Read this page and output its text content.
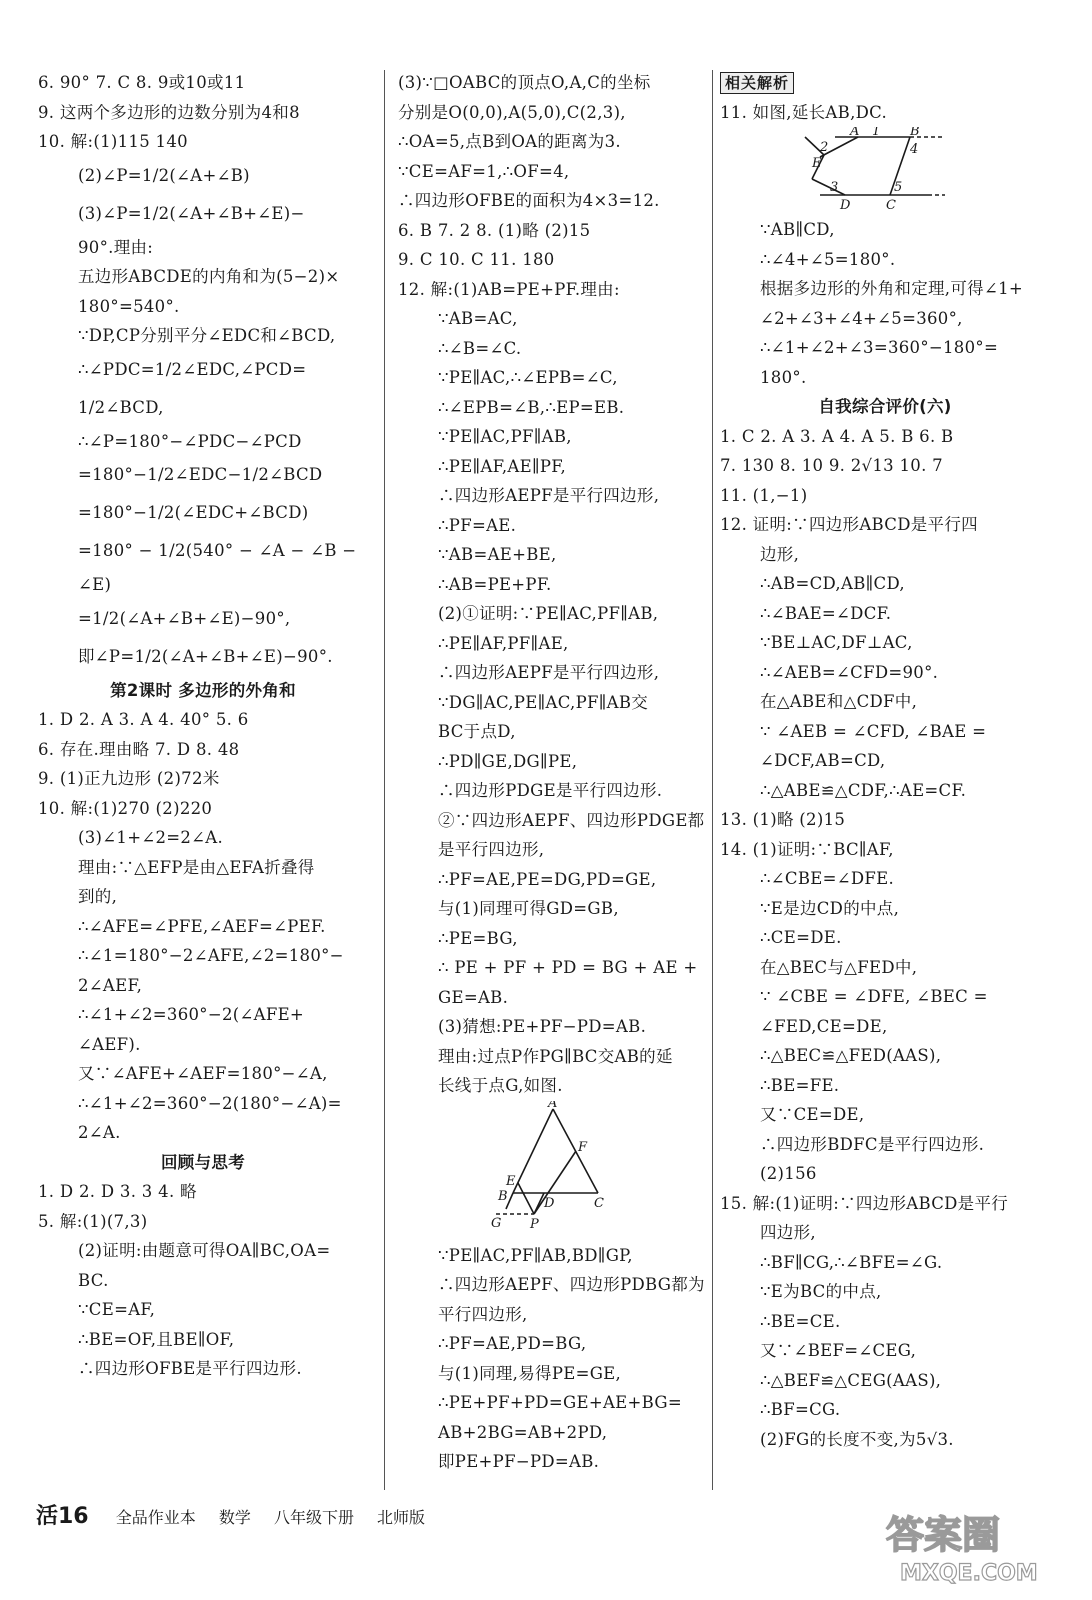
6. 90° 7. C 8. 9或10或11
9. 这两个多边形的边数分别为4和8
10. 解:(1)115 140
(2)∠P=1/2(∠A+∠B)
(3)∠P=1/2(∠A+∠B+∠E)−
90°.理由:
五边形ABCDE的内角和为(5−2)×
180°=540°.
∵DP,CP分别平分∠EDC和∠BCD,
∴∠PDC=1/2∠EDC,∠PCD=
1/2∠BCD,
∴∠P=180°−∠PDC−∠PCD
=180°−1/2∠EDC−1/2∠BCD
=180°−1/2(∠EDC+∠BCD)
=180° − 1/2(540° − ∠A − ∠B −
∠E)
=1/2(∠A+∠B+∠E)−90°,
即∠P=1/2(∠A+∠B+∠E)−90°.
第2课时 多边形的外角和
1. D 2. A 3. A 4. 40° 5. 6
6. 存在.理由略 7. D 8. 48
9. (1)正九边形 (2)72米
10. 解:(1)270 (2)220
(3)∠1+∠2=2∠A.
理由:∵△EFP是由△EFA折叠得
到的,
∴∠AFE=∠PFE,∠AEF=∠PEF.
∴∠1=180°−2∠AFE,∠2=180°−
2∠AEF,
∴∠1+∠2=360°−2(∠AFE+
∠AEF).
又∵∠AFE+∠AEF=180°−∠A,
∴∠1+∠2=360°−2(180°−∠A)=
2∠A.
回顾与思考
1. D 2. D 3. 3 4. 略
5. 解:(1)(7,3)
(2)证明:由题意可得OA∥BC,OA=
BC.
∵CE=AF,
∴BE=OF,且BE∥OF,
∴四边形OFBE是平行四边形.
(3)∵□OABC的顶点O,A,C的坐标
分别是O(0,0),A(5,0),C(2,3),
∴OA=5,点B到OA的距离为3.
∵CE=AF=1,∴OF=4,
∴四边形OFBE的面积为4×3=12.
6. B 7. 2 8. (1)略 (2)15
9. C 10. C 11. 180
12. 解:(1)AB=PE+PF.理由:
∵AB=AC,
∴∠B=∠C.
∵PE∥AC,∴∠EPB=∠C,
∴∠EPB=∠B,∴EP=EB.
∵PE∥AC,PF∥AB,
∴PE∥AF,AE∥PF,
∴四边形AEPF是平行四边形,
∴PF=AE.
∵AB=AE+BE,
∴AB=PE+PF.
(2)①证明:∵PE∥AC,PF∥AB,
∴PE∥AF,PF∥AE,
∴四边形AEPF是平行四边形,
∵DG∥AC,PE∥AC,PF∥AB交
BC于点D,
∴PD∥GE,DG∥PE,
∴四边形PDGE是平行四边形.
②∵四边形AEPF、四边形PDGE都
是平行四边形,
∴PF=AE,PE=DG,PD=GE,
与(1)同理可得GD=GB,
∴PE=BG,
∴ PE + PF + PD = BG + AE +
GE=AB.
(3)猜想:PE+PF−PD=AB.
理由:过点P作PG∥BC交AB的延
长线于点G,如图.
A
F
E
B	D	C
G P
∵PE∥AC,PF∥AB,BD∥GP,
∴四边形AEPF、四边形PDBG都为
平行四边形,
∴PF=AE,PD=BG,
与(1)同理,易得PE=GE,
∴PE+PF+PD=GE+AE+BG=
AB+2BG=AB+2PD,
即PE+PF−PD=AB.
相关解析
11. 如图,延长AB,DC.
A 1 B
4
2
E
3
D
5
C
∵AB∥CD,
∴∠4+∠5=180°.
根据多边形的外角和定理,可得∠1+
∠2+∠3+∠4+∠5=360°,
∴∠1+∠2+∠3=360°−180°=
180°.
自我综合评价(六)
1. C 2. A 3. A 4. A 5. B 6. B
7. 130 8. 10 9. 2√13 10. 7
11. (1,−1)
12. 证明:∵四边形ABCD是平行四
边形,
∴AB=CD,AB∥CD,
∴∠BAE=∠DCF.
∵BE⊥AC,DF⊥AC,
∴∠AEB=∠CFD=90°.
在△ABE和△CDF中,
∵ ∠AEB = ∠CFD, ∠BAE =
∠DCF,AB=CD,
∴△ABE≌△CDF,∴AE=CF.
13. (1)略 (2)15
14. (1)证明:∵BC∥AF,
∴∠CBE=∠DFE.
∵E是边CD的中点,
∴CE=DE.
在△BEC与△FED中,
∵ ∠CBE = ∠DFE, ∠BEC =
∠FED,CE=DE,
∴△BEC≌△FED(AAS),
∴BE=FE.
又∵CE=DE,
∴四边形BDFC是平行四边形.
(2)156
15. 解:(1)证明:∵四边形ABCD是平行
四边形,
∴BF∥CG,∴∠BFE=∠G.
∵E为BC的中点,
∴BE=CE.
又∵∠BEF=∠CEG,
∴△BEF≌△CEG(AAS),
∴BF=CG.
(2)FG的长度不变,为5√3.
活16 全品作业本 数学 八年级下册 北师版	答案圈
MXQE.COM
